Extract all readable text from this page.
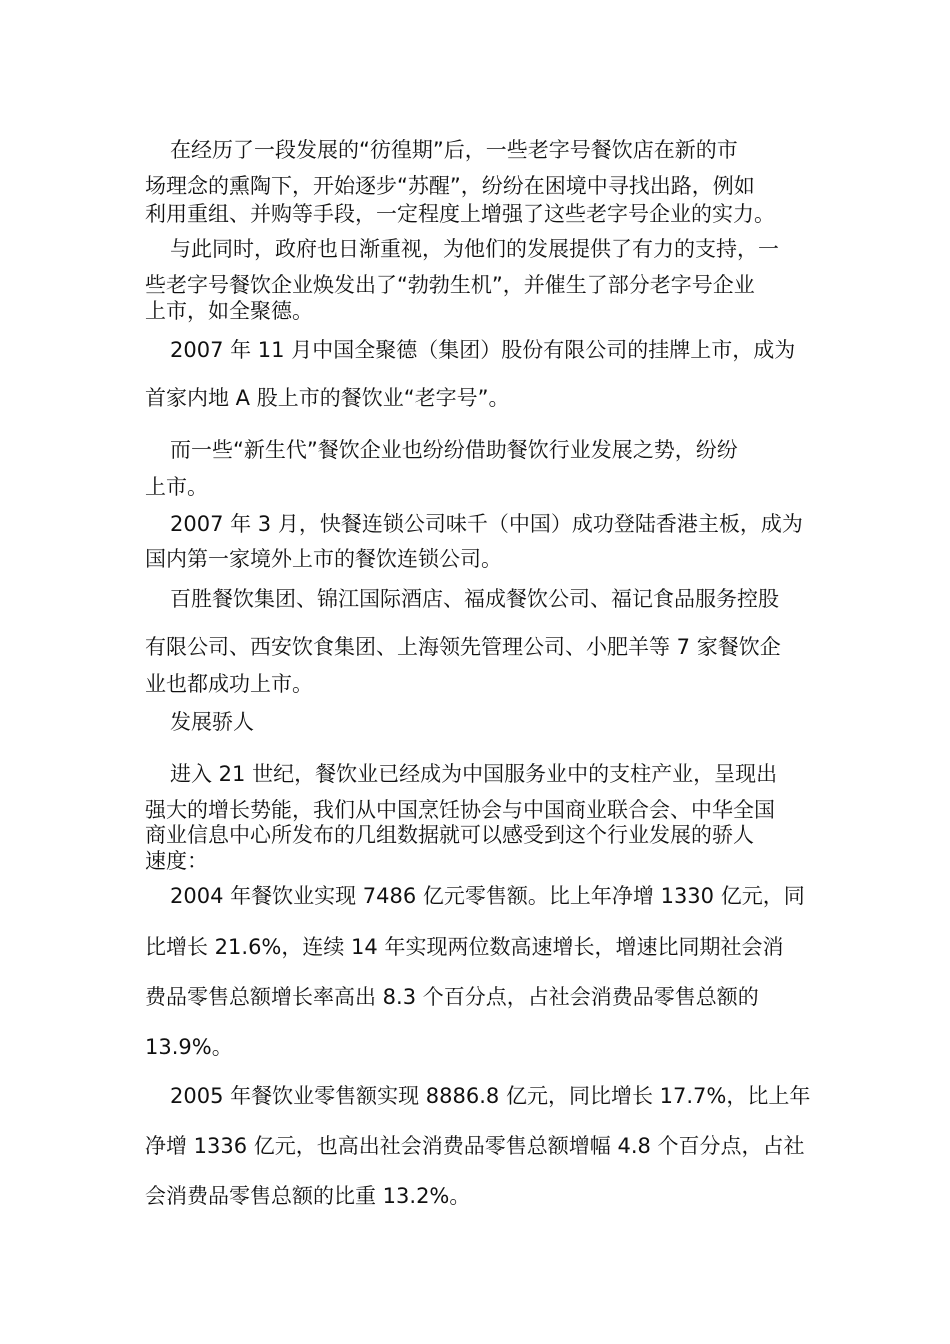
在经历了一段发展的“彷徨期”后，一些老字号餐饮店在新的市
场理念的熏陶下，开始逐步“苏醒”，纷纷在困境中寻找出路，例如
利用重组、并购等手段，一定程度上增强了这些老字号企业的实力。
与此同时，政府也日渐重视，为他们的发展提供了有力的支持，一
些老字号餐饮企业焕发出了“勃勃生机”，并催生了部分老字号企业
上市，如全聚德。
2007 年 11 月中国全聚德（集团）股份有限公司的挂牌上市，成为
首家内地 A 股上市的餐饮业“老字号”。
而一些“新生代”餐饮企业也纷纷借助餐饮行业发展之势，纷纷
上市。
2007 年 3 月，快餐连锁公司味千（中国）成功登陆香港主板，成为
国内第一家境外上市的餐饮连锁公司。
百胜餐饮集团、锦江国际酒店、福成餐饮公司、福记食品服务控股
有限公司、西安饮食集团、上海领先管理公司、小肥羊等 7 家餐饮企
业也都成功上市。
发展骄人
进入 21 世纪，餐饮业已经成为中国服务业中的支柱产业，呈现出
强大的增长势能，我们从中国烹饪协会与中国商业联合会、中华全国
商业信息中心所发布的几组数据就可以感受到这个行业发展的骄人
速度：
2004 年餐饮业实现 7486 亿元零售额。比上年净增 1330 亿元，同
比增长 21.6%，连续 14 年实现两位数高速增长，增速比同期社会消
费品零售总额增长率高出 8.3 个百分点，占社会消费品零售总额的
13.9%。
2005 年餐饮业零售额实现 8886.8 亿元，同比增长 17.7%，比上年
净增 1336 亿元，也高出社会消费品零售总额增幅 4.8 个百分点，占社
会消费品零售总额的比重 13.2%。
